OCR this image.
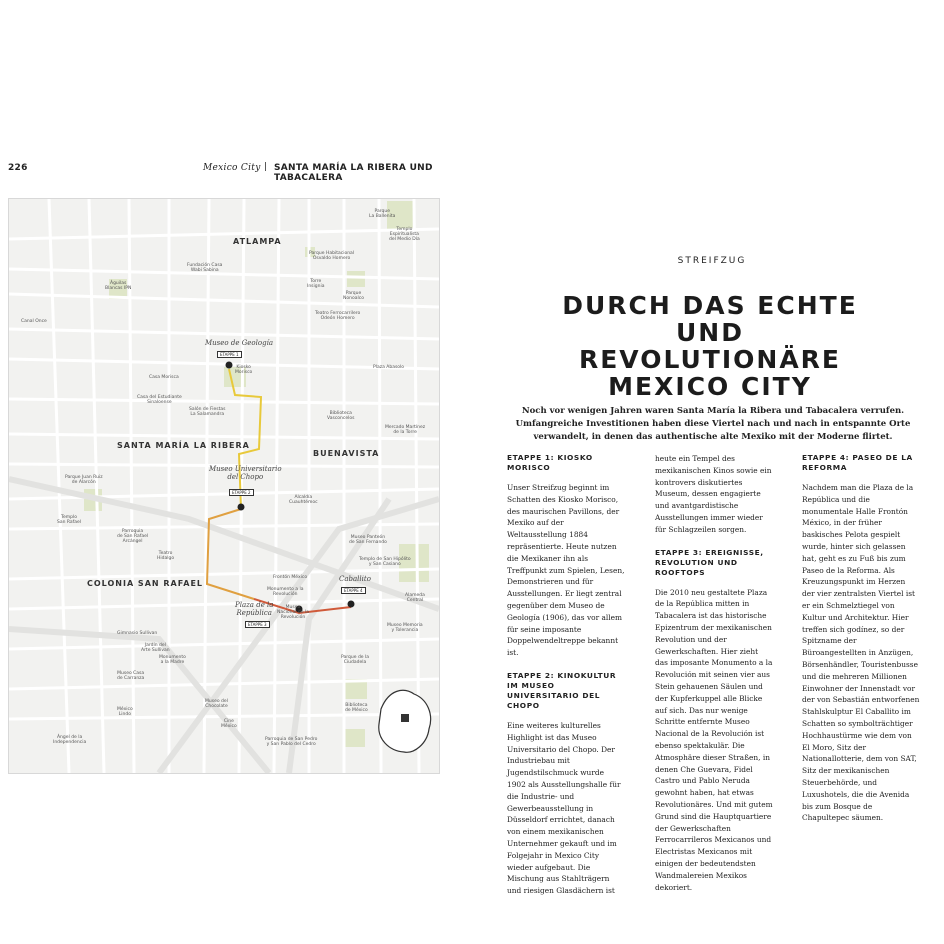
226	Mexico City | SANTA MARÍA LA RIBERA UND TABACALERA
ATLAMPA
SANTA MARÍA LA RIBERA
BUENAVISTA
COLONIA SAN RAFAEL
Museo de Geología
Museo Universitario
del Chopo
Plaza de la
República
Caballito
ETAPPE 1
ETAPPE 2
ETAPPE 3
ETAPPE 4
Parque
La Ballenita
Templo
Espiritualista
del Medio Día
Parque Habitacional
Osvaldo Homero
Fundación Casa
Wabi Sabina
Torre
Insignia
Parque
Nonoalco
Águilas
Blancas IPN
Teatro Ferrocarrilero
Odeón Homero
Canal Once
Kiosko
Morisco
Casa Morisca
Casa del Estudiante
Sinaloense
Salón de Fiestas
La Salamandra
Plaza Abasolo
Biblioteca
Vasconcelos
Mercado Martínez
de la Torre
Parque Juan Ruiz
de Alarcón
Alcaldía
Cuauhtémoc
Templo
San Rafael
Parroquia
de San Rafael
Arcángel
Teatro
Hidalgo
Museo Panteón
de San Fernando
Templo de San Hipólito
y San Casiano
Frontón México
Monumento a la
Revolución
Museo
Nacional de la
Revolución
Alameda
Central
Museo Memoria
y Tolerancia
Gimnasio Sullivan
Jardín del
Arte Sullivan
Monumento
a la Madre
Museo Casa
de Carranza
Museo del
Chocolate
Cine
México
Parque de la
Ciudadela
Biblioteca
de México
Ángel de la
Independencia
Parroquia de San Pedro
y San Pablo del Cedro
México
Lindo
STREIFZUG
DURCH DAS ECHTE UND REVOLUTIONÄRE MEXICO CITY
Noch vor wenigen Jahren waren Santa María la Ribera und Tabacalera verrufen. Umfangreiche Investitionen haben diese Viertel nach und nach in entspannte Orte verwandelt, in denen das authentische alte Mexiko mit der Moderne flirtet.
ETAPPE 1: KIOSKO MORISCO

Unser Streifzug beginnt im Schatten des Kiosko Morisco, des maurischen Pavillons, der Mexiko auf der Weltausstellung 1884 repräsentierte. Heute nutzen die Mexikaner ihn als Treffpunkt zum Spielen, Lesen, Demonstrieren und für Ausstellungen. Er liegt zentral gegenüber dem Museo de Geología (1906), das vor allem für seine imposante Doppelwendeltreppe bekannt ist.

ETAPPE 2: KINOKULTUR IM MUSEO UNIVERSITARIO DEL CHOPO

Eine weiteres kulturelles Highlight ist das Museo Universitario del Chopo. Der Industriebau mit Jugendstilschmuck wurde 1902 als Ausstellungshalle für die Industrie- und Gewerbeausstellung in Düsseldorf errichtet, danach von einem mexikanischen Unternehmer gekauft und im Folgejahr in Mexico City wieder aufgebaut. Die Mischung aus Stahlträgern und riesigen Glasdächern ist

heute ein Tempel des mexikanischen Kinos sowie ein kontrovers diskutiertes Museum, dessen engagierte und avantgardistische Ausstellungen immer wieder für Schlagzeilen sorgen.

ETAPPE 3: EREIGNISSE, REVOLUTION UND ROOFTOPS

Die 2010 neu gestaltete Plaza de la República mitten in Tabacalera ist das historische Epizentrum der mexikanischen Revolution und der Gewerkschaften. Hier zieht das imposante Monumento a la Revolución mit seinen vier aus Stein gehauenen Säulen und der Kupferkuppel alle Blicke auf sich. Das nur wenige Schritte entfernte Museo Nacional de la Revolución ist ebenso spektakulär. Die Atmosphäre dieser Straßen, in denen Che Guevara, Fidel Castro und Pablo Neruda gewohnt haben, hat etwas Revolutionäres. Und mit gutem Grund sind die Hauptquartiere der Gewerkschaften Ferrocarrileros Mexicanos und Electristas Mexicanos mit einigen der bedeutendsten Wandmalereien Mexikos dekoriert.

ETAPPE 4: PASEO DE LA REFORMA

Nachdem man die Plaza de la República und die monumentale Halle Frontón México, in der früher baskisches Pelota gespielt wurde, hinter sich gelassen hat, geht es zu Fuß bis zum Paseo de la Reforma. Als Kreuzungspunkt im Herzen der vier zentralsten Viertel ist er ein Schmelztiegel von Kultur und Architektur. Hier treffen sich godínez, so der Spitzname der Büroangestellten in Anzügen, Börsenhändler, Touristenbusse und die mehreren Millionen Einwohner der Innenstadt vor der von Sebastián entworfenen Stahlskulptur El Caballito im Schatten so symbolträchtiger Hochhaustürme wie dem von El Moro, Sitz der Nationallotterie, dem von SAT, Sitz der mexikanischen Steuerbehörde, und Luxushotels, die die Avenida bis zum Bosque de Chapultepec säumen.
